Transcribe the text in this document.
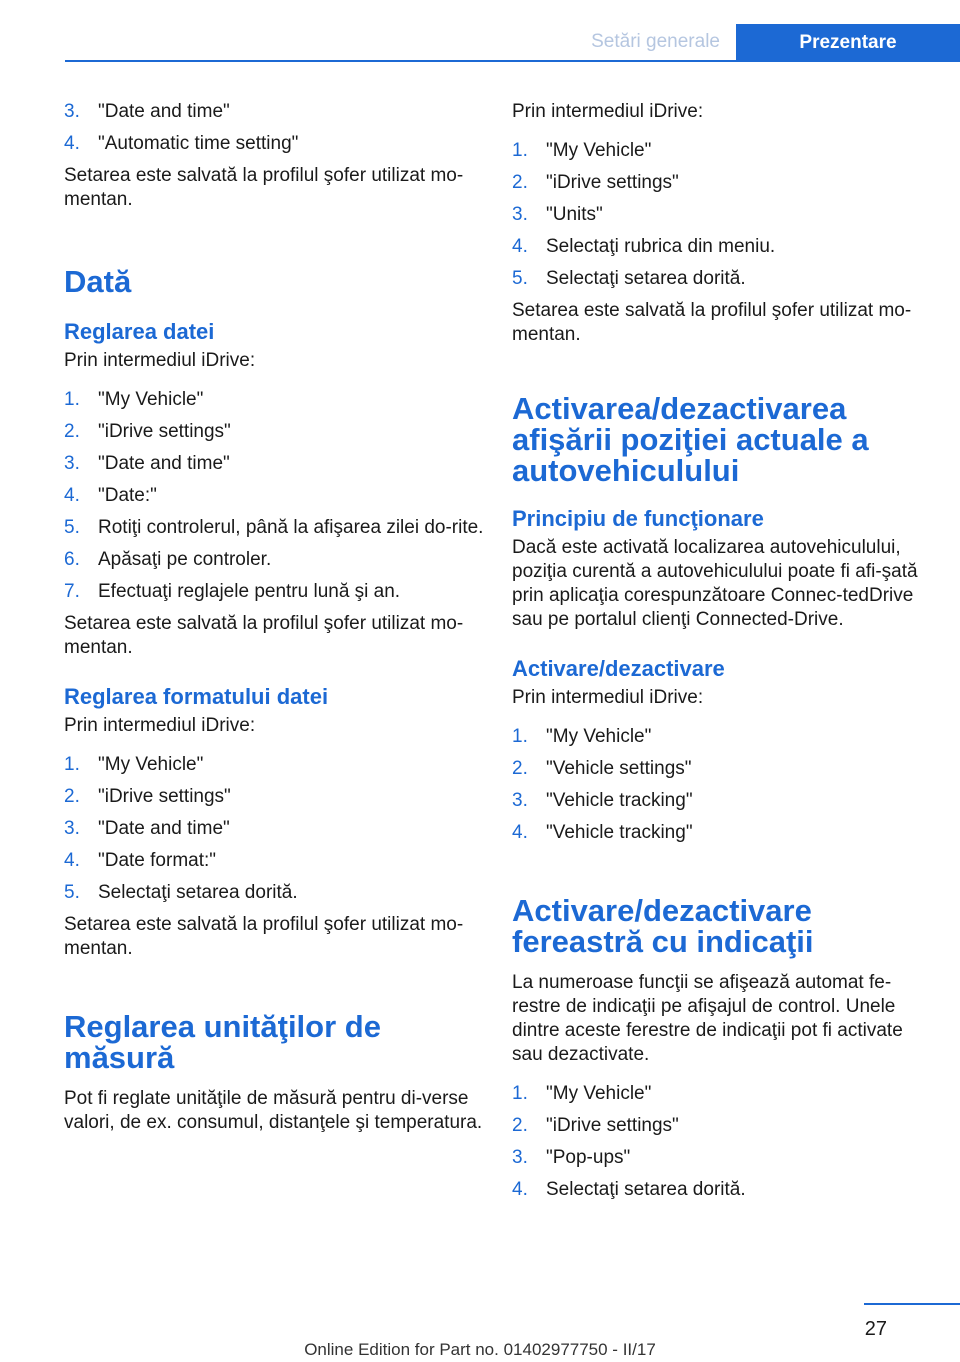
Setări generale	Prezentare
3. "Date and time"
4. "Automatic time setting"

Setarea este salvată la profilul şofer utilizat mo-mentan.

Dată
Reglarea datei

Prin intermediul iDrive:

1. "My Vehicle"
2. "iDrive settings"
3. "Date and time"
4. "Date:"
5. Rotiţi controlerul, până la afişarea zilei do-rite.
6. Apăsaţi pe controler.
7. Efectuaţi reglajele pentru lună şi an.

Setarea este salvată la profilul şofer utilizat mo-mentan.

Reglarea formatului datei

Prin intermediul iDrive:

1. "My Vehicle"
2. "iDrive settings"
3. "Date and time"
4. "Date format:"
5. Selectaţi setarea dorită.

Setarea este salvată la profilul şofer utilizat mo-mentan.

Reglarea unităţilor de măsură

Pot fi reglate unităţile de măsură pentru di-verse valori, de ex. consumul, distanţele şi temperatura.

Prin intermediul iDrive:

1. "My Vehicle"
2. "iDrive settings"
3. "Units"
4. Selectaţi rubrica din meniu.
5. Selectaţi setarea dorită.

Setarea este salvată la profilul şofer utilizat mo-mentan.

Activarea/dezactivarea afişării poziţiei actuale a autovehiculului
Principiu de funcţionare

Dacă este activată localizarea autovehiculului, poziţia curentă a autovehiculului poate fi afi-şată prin aplicaţia corespunzătoare Connec-tedDrive sau pe portalul clienţi Connected-Drive.

Activare/dezactivare

Prin intermediul iDrive:

1. "My Vehicle"
2. "Vehicle settings"
3. "Vehicle tracking"
4. "Vehicle tracking"
Activare/dezactivare fereastră cu indicaţii

La numeroase funcţii se afişează automat fe-restre de indicaţii pe afişajul de control. Unele dintre aceste ferestre de indicaţii pot fi activate sau dezactivate.

1. "My Vehicle"
2. "iDrive settings"
3. "Pop-ups"
4. Selectaţi setarea dorită.
27
Online Edition for Part no. 01402977750 - II/17
